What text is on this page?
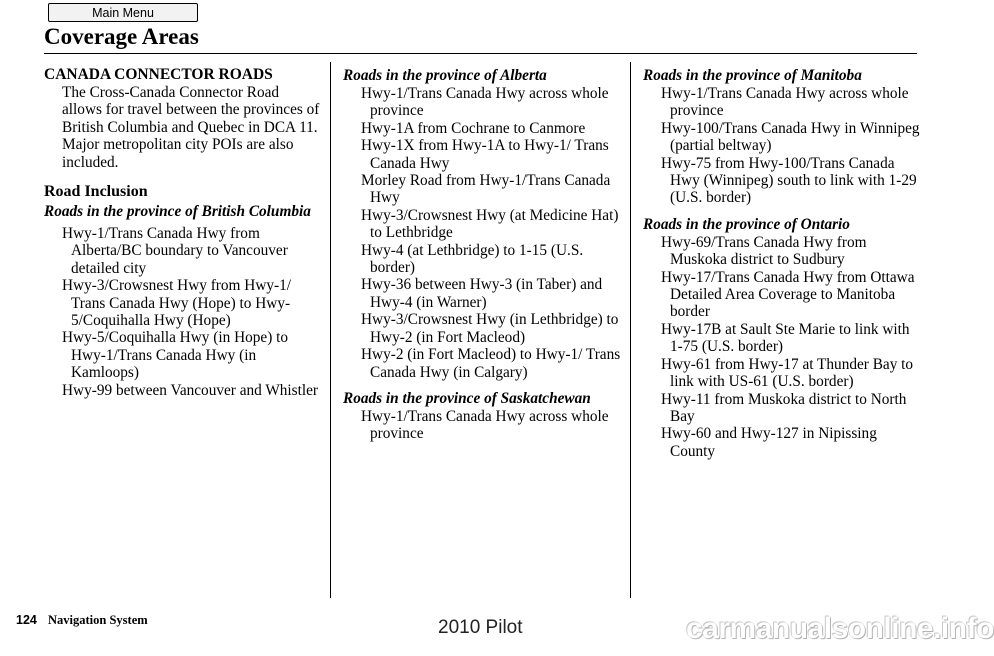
Main Menu
Coverage Areas

CANADA CONNECTOR ROADS

The Cross-Canada Connector Road allows for travel between the provinces of British Columbia and Quebec in DCA 11. Major metropolitan city POIs are also included.

Road Inclusion

Roads in the province of British Columbia

Hwy-1/Trans Canada Hwy from Alberta/BC boundary to Vancouver detailed city
Hwy-3/Crowsnest Hwy from Hwy-1/ Trans Canada Hwy (Hope) to Hwy-5/Coquihalla Hwy (Hope)
Hwy-5/Coquihalla Hwy (in Hope) to Hwy-1/Trans Canada Hwy (in Kamloops)
Hwy-99 between Vancouver and Whistler

Roads in the province of Alberta

Hwy-1/Trans Canada Hwy across whole province
Hwy-1A from Cochrane to Canmore
Hwy-1X from Hwy-1A to Hwy-1/ Trans Canada Hwy
Morley Road from Hwy-1/Trans Canada Hwy
Hwy-3/Crowsnest Hwy (at Medicine Hat) to Lethbridge
Hwy-4 (at Lethbridge) to 1-15 (U.S. border)
Hwy-36 between Hwy-3 (in Taber) and Hwy-4 (in Warner)
Hwy-3/Crowsnest Hwy (in Lethbridge) to Hwy-2 (in Fort Macleod)
Hwy-2 (in Fort Macleod) to Hwy-1/ Trans Canada Hwy (in Calgary)

Roads in the province of Saskatchewan

Hwy-1/Trans Canada Hwy across whole province

Roads in the province of Manitoba

Hwy-1/Trans Canada Hwy across whole province
Hwy-100/Trans Canada Hwy in Winnipeg (partial beltway)
Hwy-75 from Hwy-100/Trans Canada Hwy (Winnipeg) south to link with 1-29 (U.S. border)

Roads in the province of Ontario

Hwy-69/Trans Canada Hwy from Muskoka district to Sudbury
Hwy-17/Trans Canada Hwy from Ottawa Detailed Area Coverage to Manitoba border
Hwy-17B at Sault Ste Marie to link with 1-75 (U.S. border)
Hwy-61 from Hwy-17 at Thunder Bay to link with US-61 (U.S. border)
Hwy-11 from Muskoka district to North Bay
Hwy-60 and Hwy-127 in Nipissing County
124 Navigation System	2010 Pilot	carmanualsonline.info
